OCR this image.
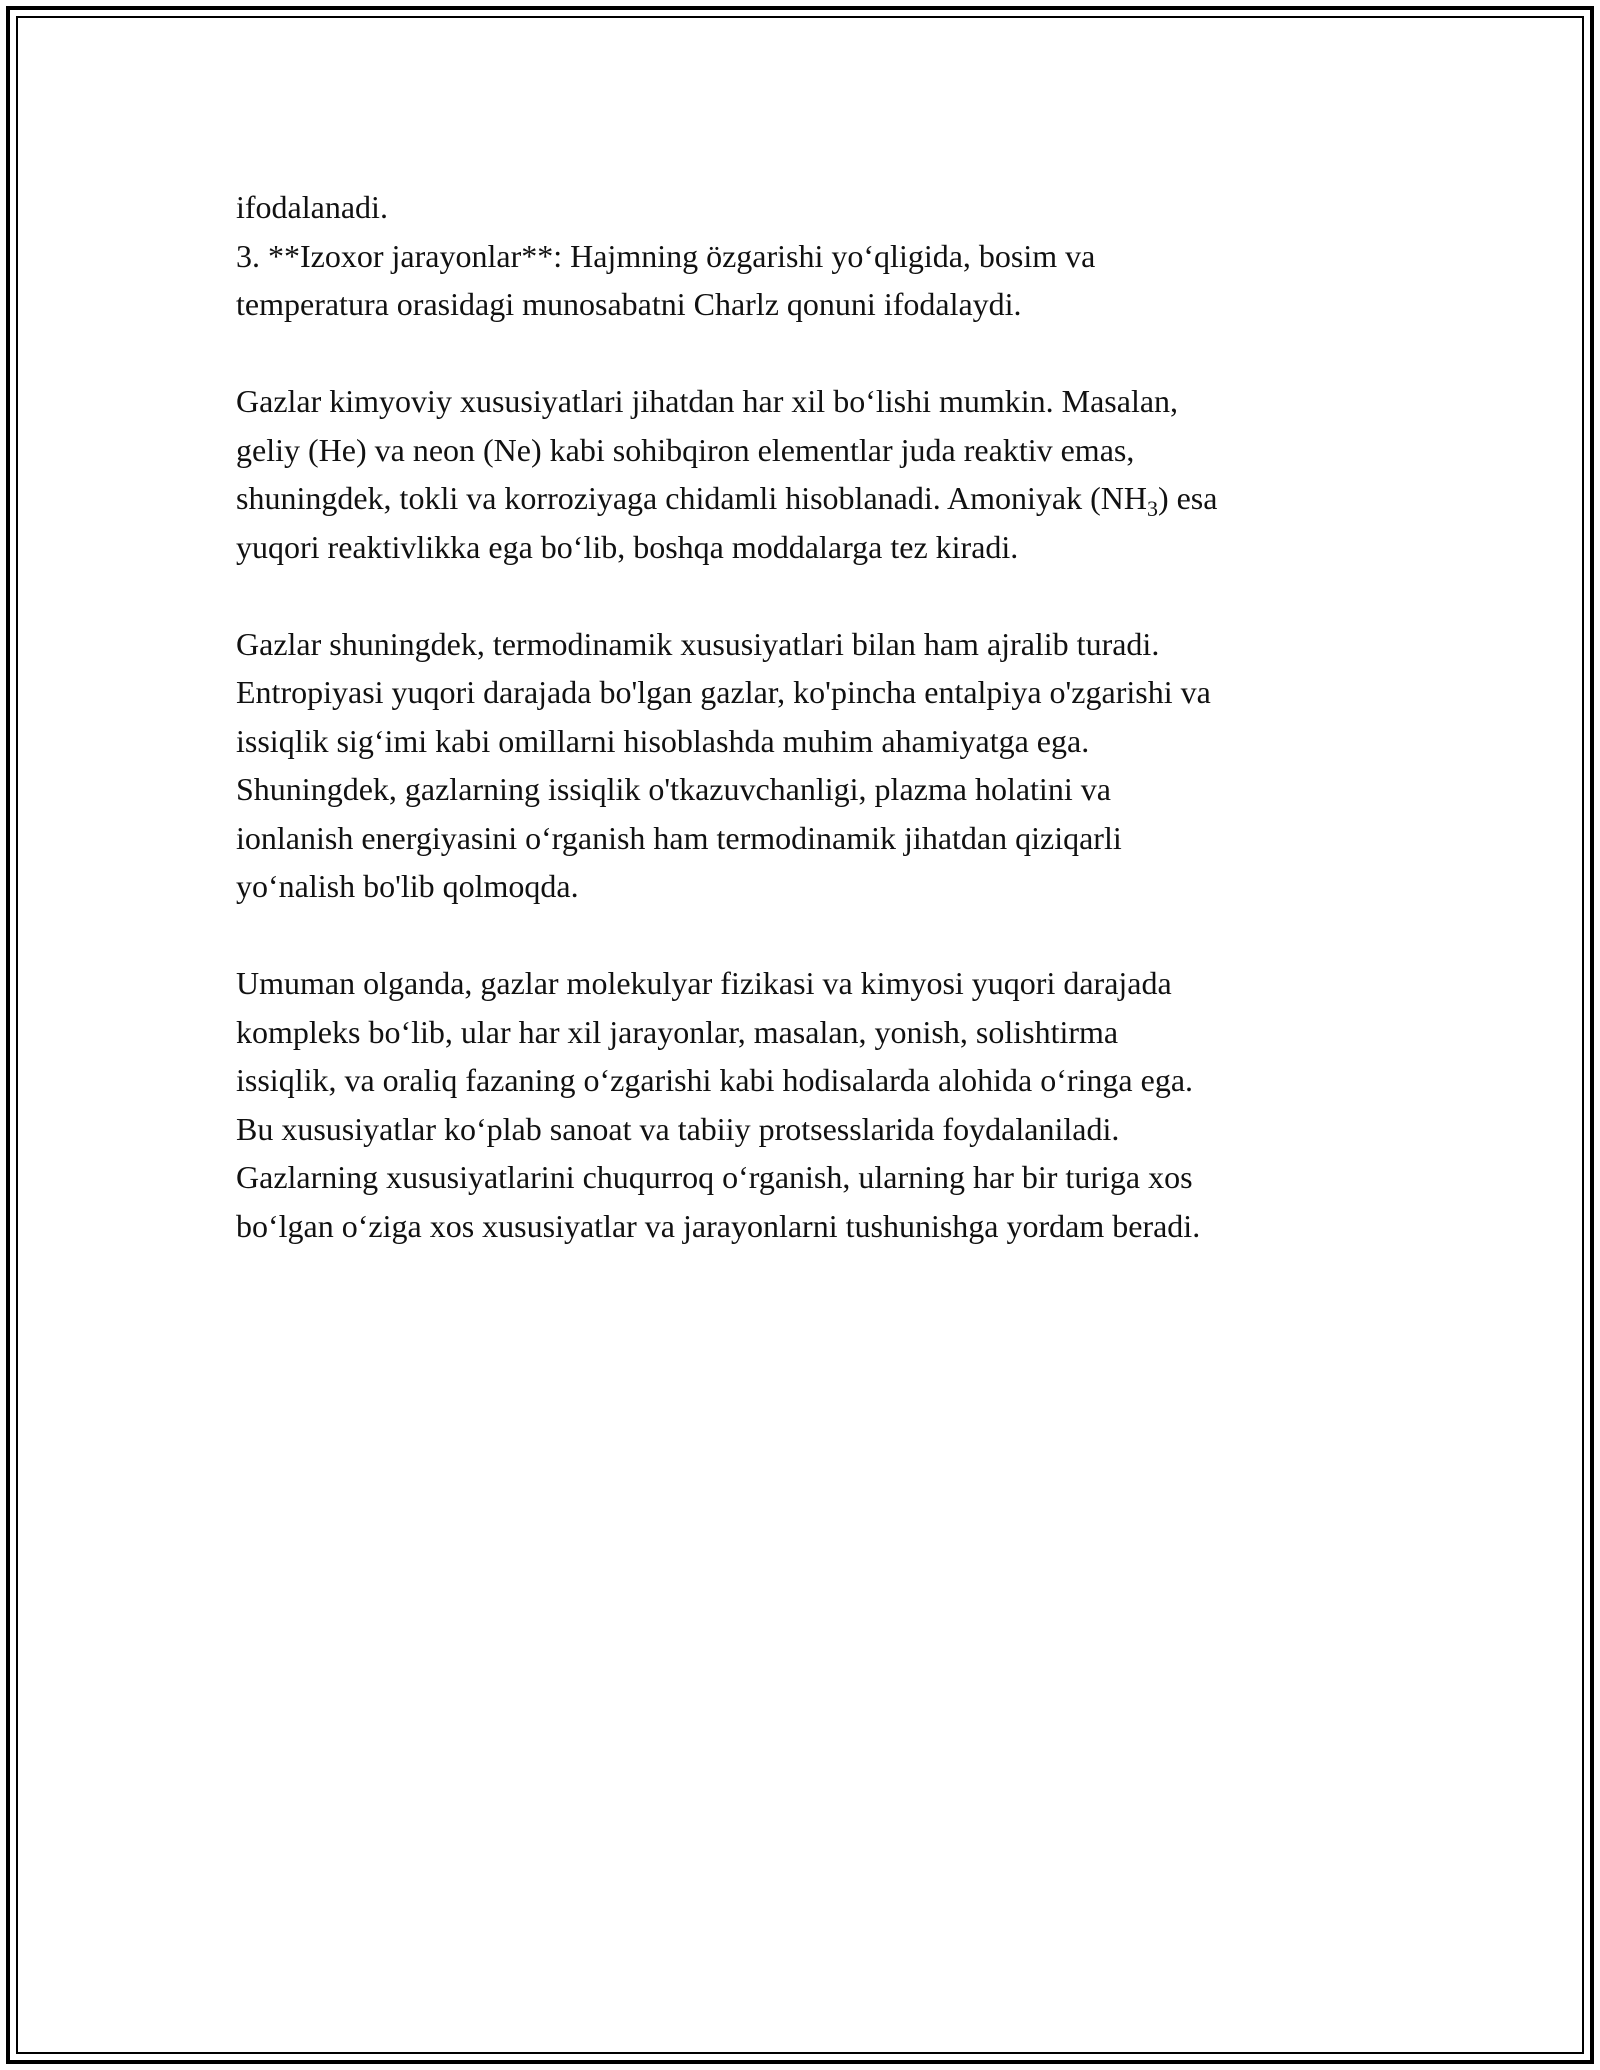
ifodalanadi.
3. **Izoxor jarayonlar**: Hajmning özgarishi yo‘qligida, bosim va
temperatura orasidagi munosabatni Charlz qonuni ifodalaydi.
Gazlar kimyoviy xususiyatlari jihatdan har xil bo‘lishi mumkin. Masalan,
geliy (He) va neon (Ne) kabi sohibqiron elementlar juda reaktiv emas,
shuningdek, tokli va korroziyaga chidamli hisoblanadi. Amoniyak $(NH_3)$ esa
yuqori reaktivlikka ega bo‘lib, boshqa moddalarga tez kiradi.
Gazlar shuningdek, termodinamik xususiyatlari bilan ham ajralib turadi.
Entropiyasi yuqori darajada bo'lgan gazlar, ko'pincha entalpiya o'zgarishi va
issiqlik sig‘imi kabi omillarni hisoblashda muhim ahamiyatga ega.
Shuningdek, gazlarning issiqlik o'tkazuvchanligi, plazma holatini va
ionlanish energiyasini o‘rganish ham termodinamik jihatdan qiziqarli
yo‘nalish bo'lib qolmoqda.
Umuman olganda, gazlar molekulyar fizikasi va kimyosi yuqori darajada
kompleks bo‘lib, ular har xil jarayonlar, masalan, yonish, solishtirma
issiqlik, va oraliq fazaning o‘zgarishi kabi hodisalarda alohida o‘ringa ega.
Bu xususiyatlar ko‘plab sanoat va tabiiy protsesslarida foydalaniladi.
Gazlarning xususiyatlarini chuqurroq o‘rganish, ularning har bir turiga xos
bo‘lgan o‘ziga xos xususiyatlar va jarayonlarni tushunishga yordam beradi.
